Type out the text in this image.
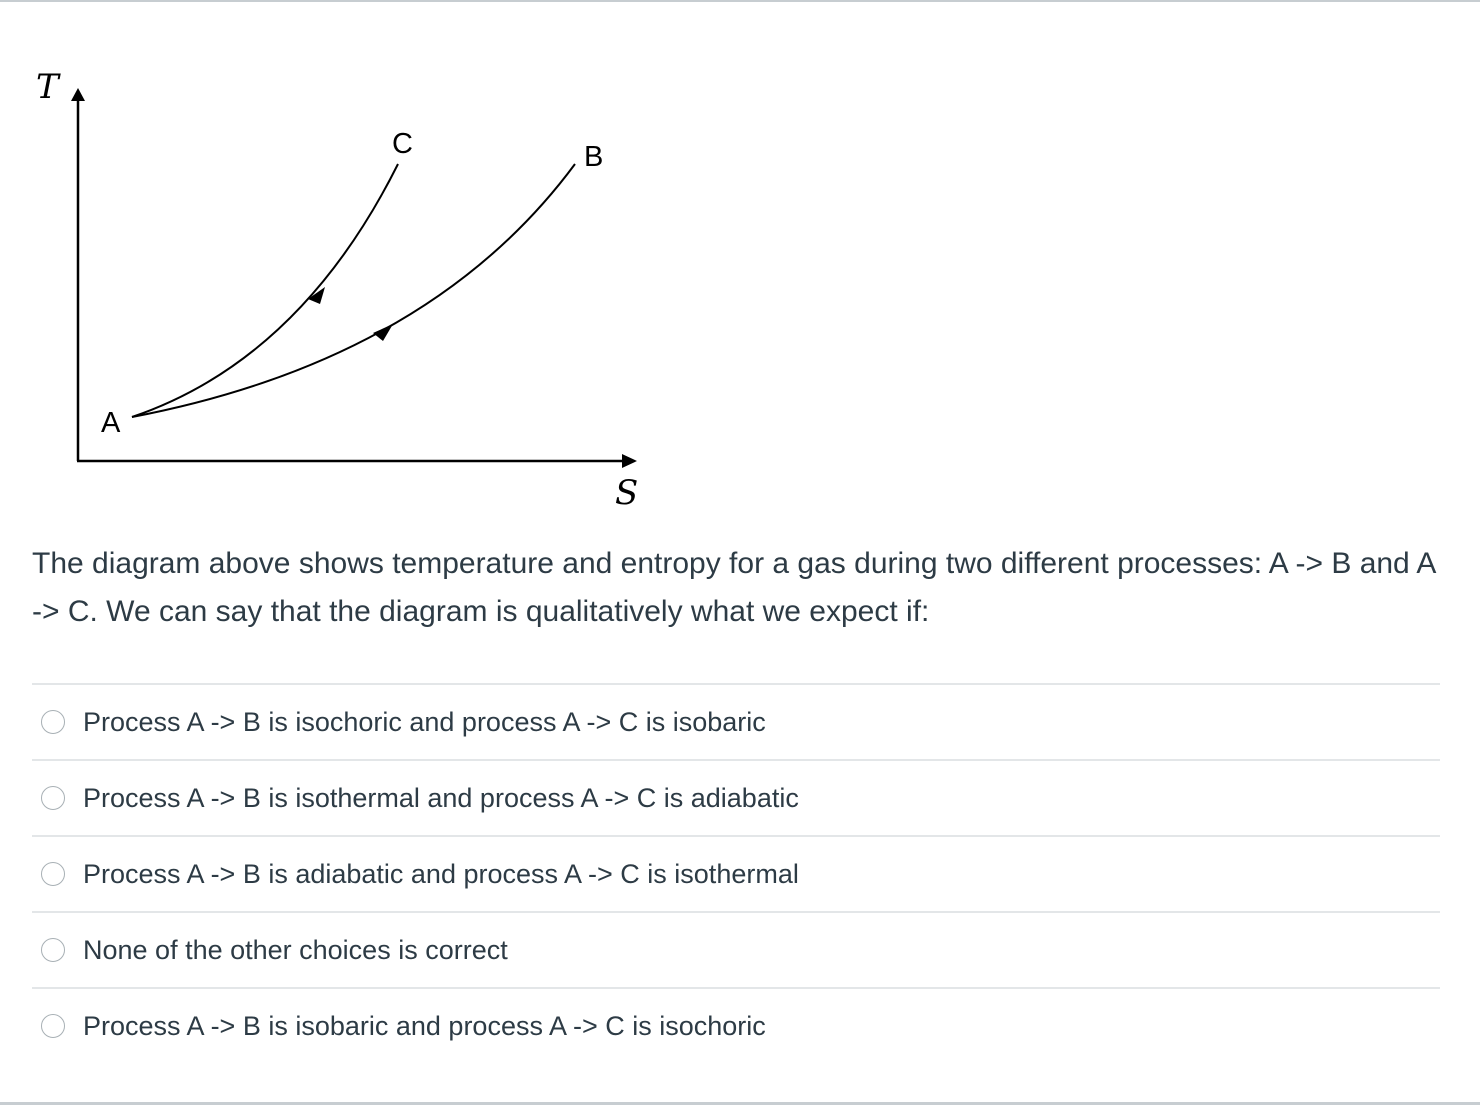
T
S
A
C	B

The diagram above shows temperature and entropy for a gas during two different processes: A -> B and A -> C. We can say that the diagram is qualitatively what we expect if:

Process A -> B is isochoric and process A -> C is isobaric
Process A -> B is isothermal and process A -> C is adiabatic
Process A -> B is adiabatic and process A -> C is isothermal
None of the other choices is correct
Process A -> B is isobaric and process A -> C is isochoric
